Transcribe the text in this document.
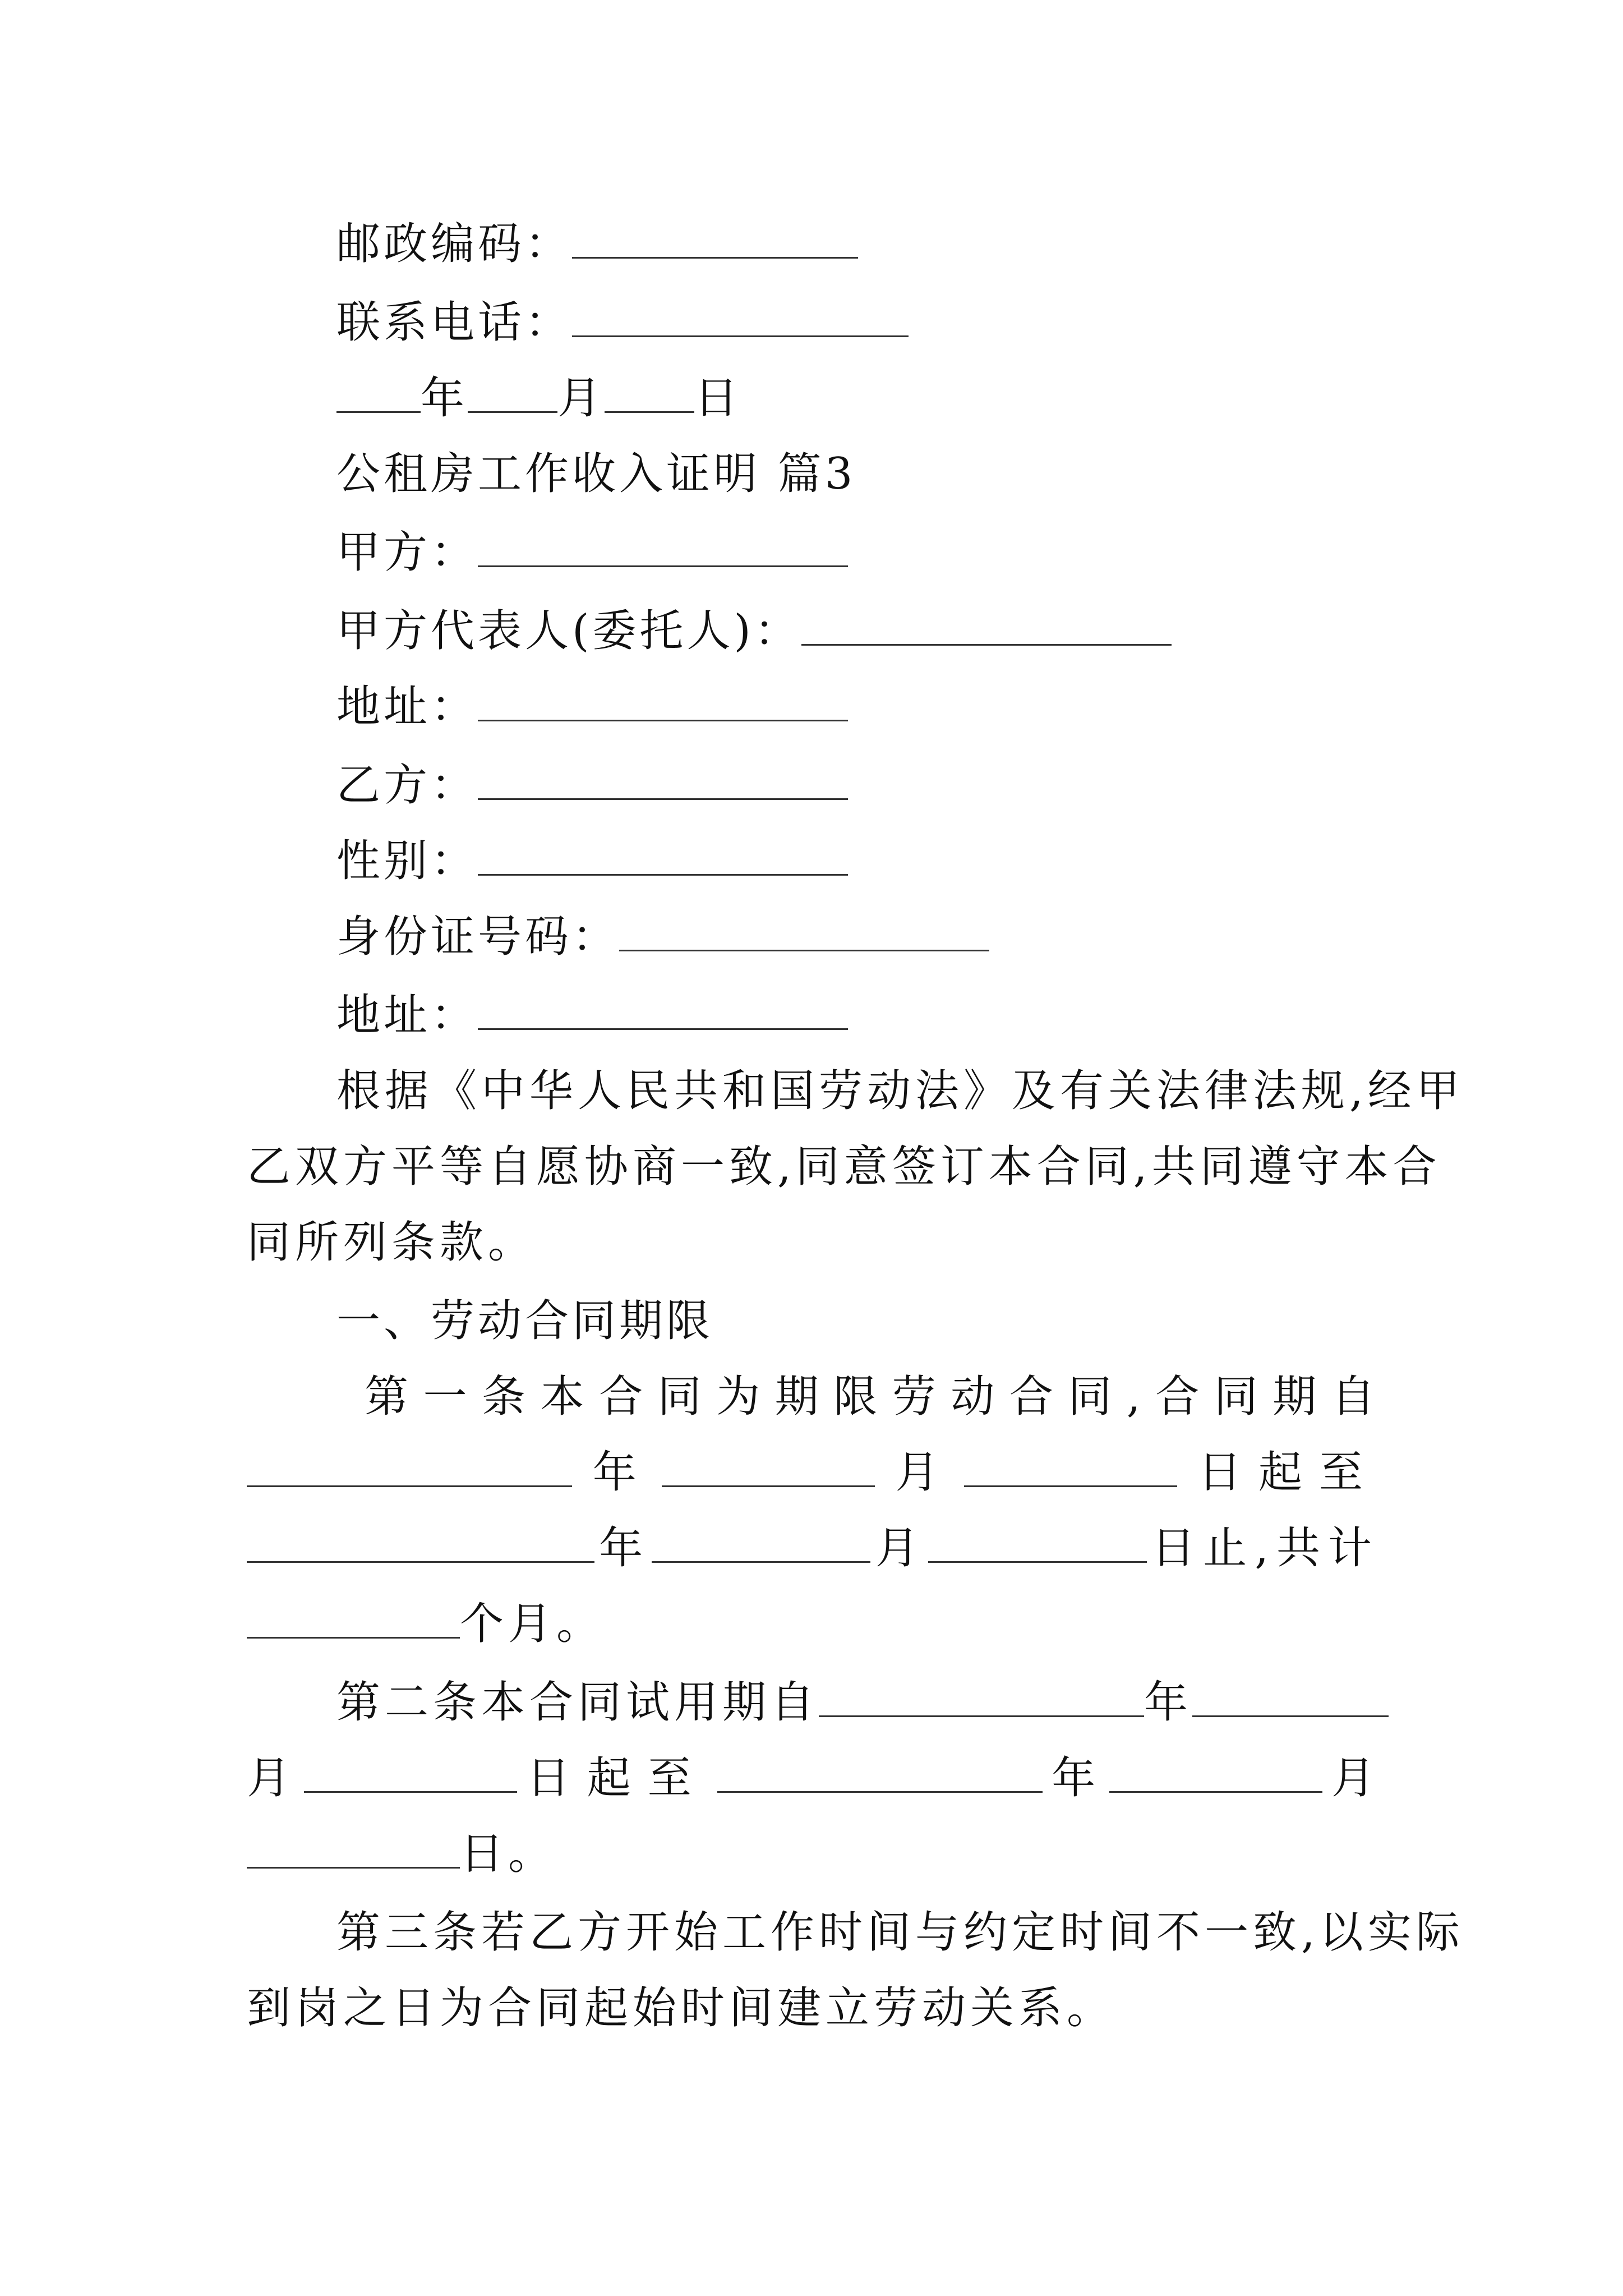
邮政编码：
联系电话：
年 月 日
公租房工作收入证明 篇3
甲方：
甲方代表人(委托人)：
地址：
乙方：
性别：
身份证号码：
地址：
根据《中华人民共和国劳动法》及有关法律法规,经甲
乙双方平等自愿协商一致,同意签订本合同,共同遵守本合
同所列条款。
一、劳动合同期限
第 一 条 本 合 同 为 期 限 劳 动 合 同 , 合 同 期 自
年	月	日起至
年	月	日止,共计
个月。
第二条本合同试用期自	年
月	日起至	年	月
日。
第三条若乙方开始工作时间与约定时间不一致,以实际
到岗之日为合同起始时间建立劳动关系。
